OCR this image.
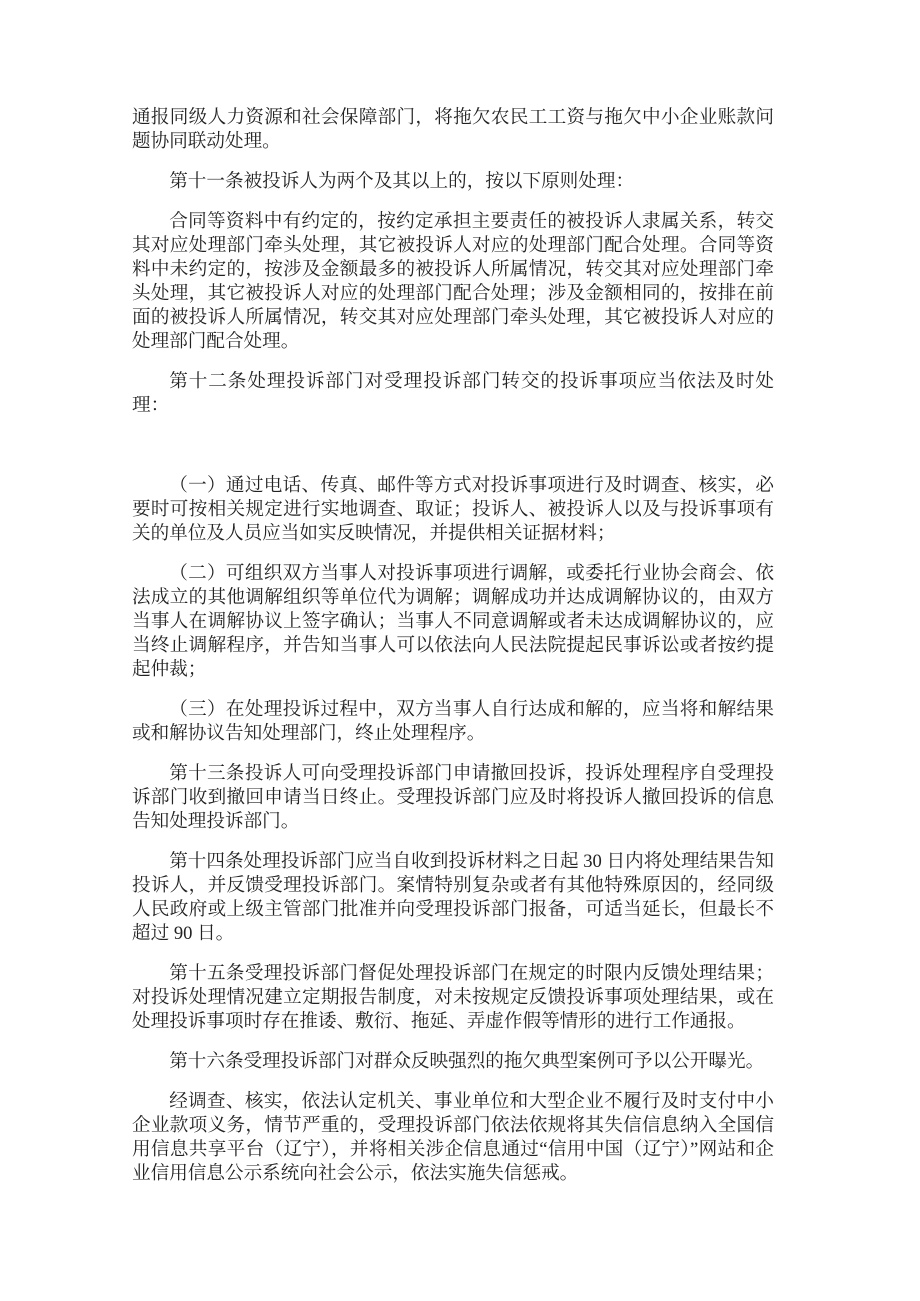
通报同级人力资源和社会保障部门，将拖欠农民工工资与拖欠中小企业账款问题协同联动处理。

第十一条被投诉人为两个及其以上的，按以下原则处理：

合同等资料中有约定的，按约定承担主要责任的被投诉人隶属关系，转交其对应处理部门牵头处理，其它被投诉人对应的处理部门配合处理。合同等资料中未约定的，按涉及金额最多的被投诉人所属情况，转交其对应处理部门牵头处理，其它被投诉人对应的处理部门配合处理；涉及金额相同的，按排在前面的被投诉人所属情况，转交其对应处理部门牵头处理，其它被投诉人对应的处理部门配合处理。

第十二条处理投诉部门对受理投诉部门转交的投诉事项应当依法及时处理：

（一）通过电话、传真、邮件等方式对投诉事项进行及时调查、核实，必要时可按相关规定进行实地调查、取证；投诉人、被投诉人以及与投诉事项有关的单位及人员应当如实反映情况，并提供相关证据材料；

（二）可组织双方当事人对投诉事项进行调解，或委托行业协会商会、依法成立的其他调解组织等单位代为调解；调解成功并达成调解协议的，由双方当事人在调解协议上签字确认；当事人不同意调解或者未达成调解协议的，应当终止调解程序，并告知当事人可以依法向人民法院提起民事诉讼或者按约提起仲裁；

（三）在处理投诉过程中，双方当事人自行达成和解的，应当将和解结果或和解协议告知处理部门，终止处理程序。

第十三条投诉人可向受理投诉部门申请撤回投诉，投诉处理程序自受理投诉部门收到撤回申请当日终止。受理投诉部门应及时将投诉人撤回投诉的信息告知处理投诉部门。

第十四条处理投诉部门应当自收到投诉材料之日起 30 日内将处理结果告知投诉人，并反馈受理投诉部门。案情特别复杂或者有其他特殊原因的，经同级人民政府或上级主管部门批准并向受理投诉部门报备，可适当延长，但最长不超过 90 日。

第十五条受理投诉部门督促处理投诉部门在规定的时限内反馈处理结果；对投诉处理情况建立定期报告制度，对未按规定反馈投诉事项处理结果，或在处理投诉事项时存在推诿、敷衍、拖延、弄虚作假等情形的进行工作通报。

第十六条受理投诉部门对群众反映强烈的拖欠典型案例可予以公开曝光。

经调查、核实，依法认定机关、事业单位和大型企业不履行及时支付中小企业款项义务，情节严重的，受理投诉部门依法依规将其失信信息纳入全国信用信息共享平台（辽宁），并将相关涉企信息通过“信用中国（辽宁）”网站和企业信用信息公示系统向社会公示，依法实施失信惩戒。
